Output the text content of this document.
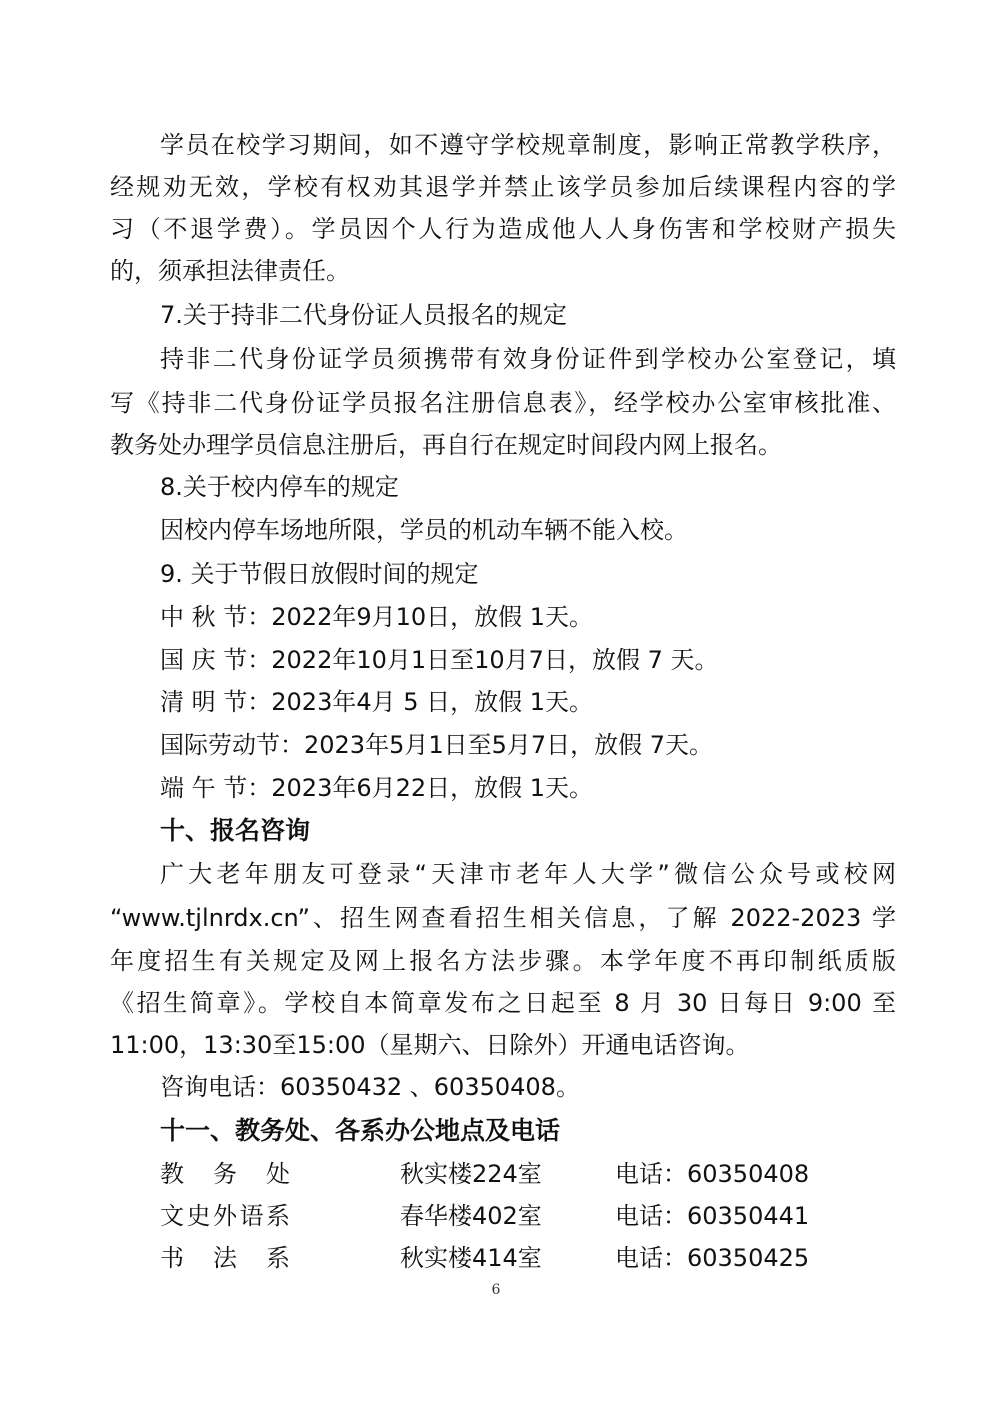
学员在校学习期间，如不遵守学校规章制度，影响正常教学秩序，
经规劝无效，学校有权劝其退学并禁止该学员参加后续课程内容的学
习（不退学费）。学员因个人行为造成他人人身伤害和学校财产损失
的，须承担法律责任。
7.关于持非二代身份证人员报名的规定
持非二代身份证学员须携带有效身份证件到学校办公室登记，填
写《持非二代身份证学员报名注册信息表》，经学校办公室审核批准、
教务处办理学员信息注册后，再自行在规定时间段内网上报名。
8.关于校内停车的规定
因校内停车场地所限，学员的机动车辆不能入校。
9. 关于节假日放假时间的规定
中 秋 节：2022年9月10日，放假 1天。
国 庆 节：2022年10月1日至10月7日，放假 7 天。
清 明 节：2023年4月 5 日，放假 1天。
国际劳动节：2023年5月1日至5月7日，放假 7天。
端 午 节：2023年6月22日，放假 1天。
十、报名咨询
广大老年朋友可登录“天津市老年人大学”微信公众号或校网
“www.tjlnrdx.cn”、招生网查看招生相关信息，了解 2022-2023 学
年度招生有关规定及网上报名方法步骤。本学年度不再印制纸质版
《招生简章》。学校自本简章发布之日起至 8 月 30 日每日 9:00 至
11:00，13:30至15:00（星期六、日除外）开通电话咨询。
咨询电话：60350432 、60350408。
十一、教务处、各系办公地点及电话
教务处	秋实楼224室	电话：60350408
文史外语系	春华楼402室	电话：60350441
书法系	秋实楼414室	电话：60350425
6
